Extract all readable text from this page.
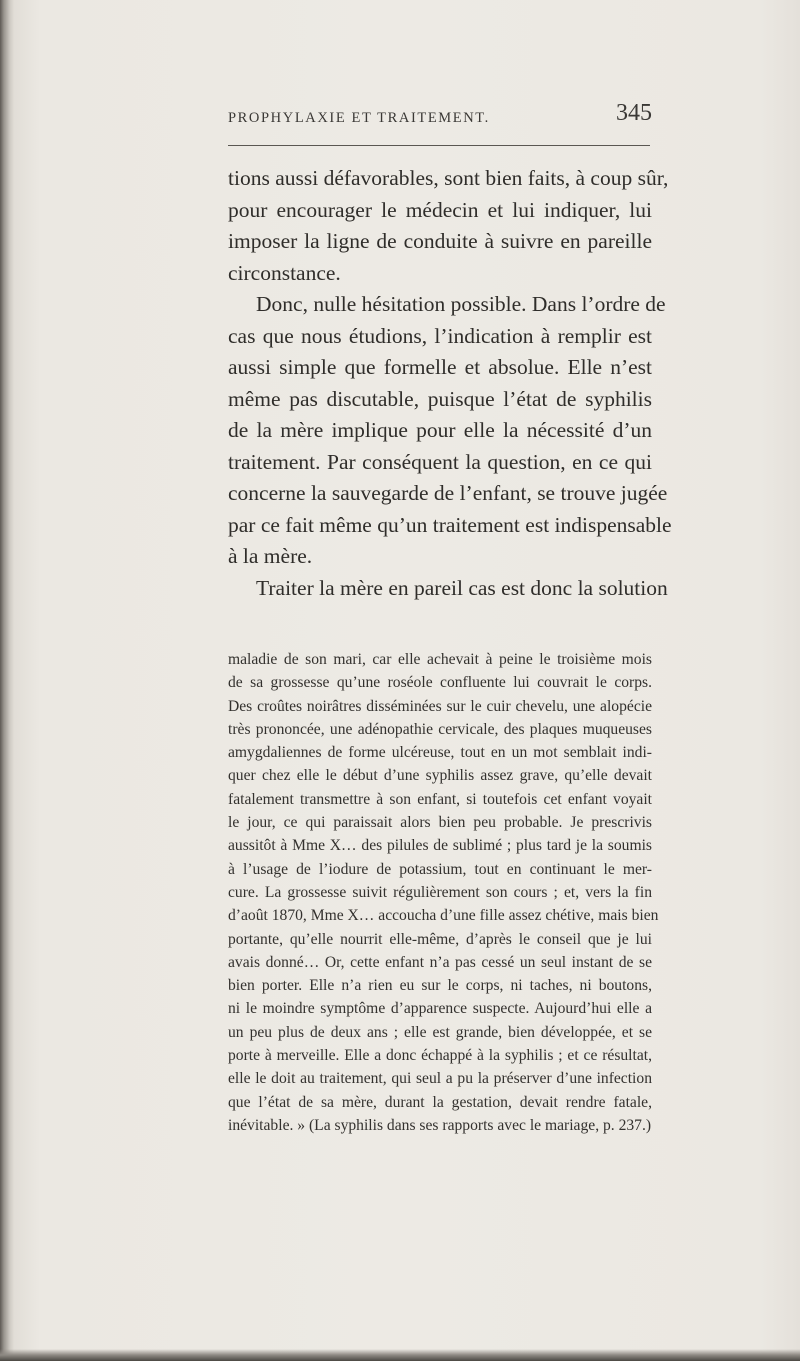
PROPHYLAXIE ET TRAITEMENT.	345
tions aussi défavorables, sont bien faits, à coup sûr,
pour encourager le médecin et lui indiquer, lui
imposer la ligne de conduite à suivre en pareille
circonstance.
Donc, nulle hésitation possible. Dans l’ordre de
cas que nous étudions, l’indication à remplir est
aussi simple que formelle et absolue. Elle n’est
même pas discutable, puisque l’état de syphilis
de la mère implique pour elle la nécessité d’un
traitement. Par conséquent la question, en ce qui
concerne la sauvegarde de l’enfant, se trouve jugée
par ce fait même qu’un traitement est indispensable
à la mère.
Traiter la mère en pareil cas est donc la solution
maladie de son mari, car elle achevait à peine le troisième mois
de sa grossesse qu’une roséole confluente lui couvrait le corps.
Des croûtes noirâtres disséminées sur le cuir chevelu, une alopécie
très prononcée, une adénopathie cervicale, des plaques muqueuses
amygdaliennes de forme ulcéreuse, tout en un mot semblait indi-
quer chez elle le début d’une syphilis assez grave, qu’elle devait
fatalement transmettre à son enfant, si toutefois cet enfant voyait
le jour, ce qui paraissait alors bien peu probable. Je prescrivis
aussitôt à Mme X… des pilules de sublimé ; plus tard je la soumis
à l’usage de l’iodure de potassium, tout en continuant le mer-
cure. La grossesse suivit régulièrement son cours ; et, vers la fin
d’août 1870, Mme X… accoucha d’une fille assez chétive, mais bien
portante, qu’elle nourrit elle-même, d’après le conseil que je lui
avais donné… Or, cette enfant n’a pas cessé un seul instant de se
bien porter. Elle n’a rien eu sur le corps, ni taches, ni boutons,
ni le moindre symptôme d’apparence suspecte. Aujourd’hui elle a
un peu plus de deux ans ; elle est grande, bien développée, et se
porte à merveille. Elle a donc échappé à la syphilis ; et ce résultat,
elle le doit au traitement, qui seul a pu la préserver d’une infection
que l’état de sa mère, durant la gestation, devait rendre fatale,
inévitable. » (La syphilis dans ses rapports avec le mariage, p. 237.)
